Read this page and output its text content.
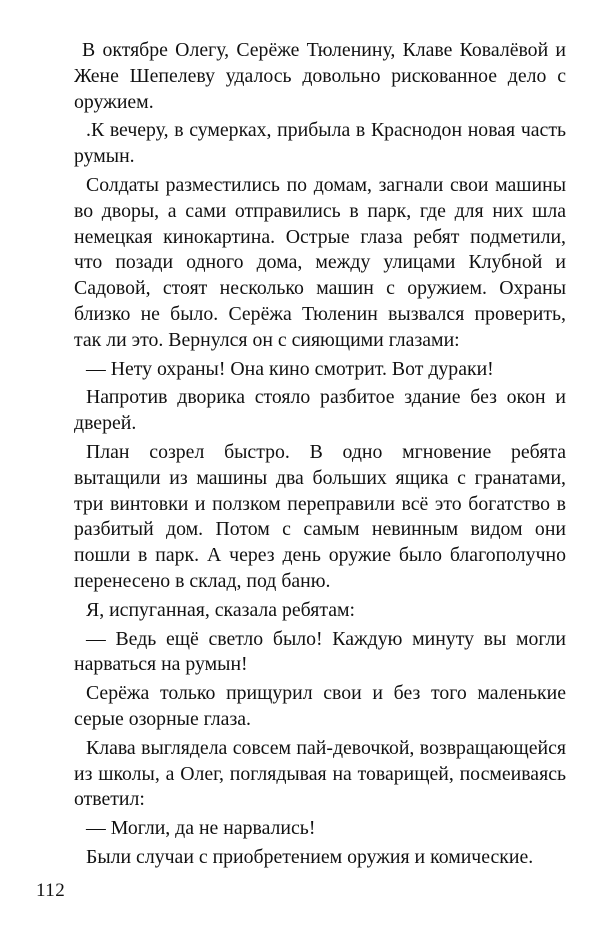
В октябре Олегу, Серёже Тюленину, Клаве Ковалёвой и Жене Шепелеву удалось довольно рискованное дело с оружием.

.К вечеру, в сумерках, прибыла в Краснодон новая часть румын.

Солдаты разместились по домам, загнали свои машины во дворы, а сами отправились в парк, где для них шла немецкая кинокартина. Острые глаза ребят подметили, что позади одного дома, между улицами Клубной и Садовой, стоят несколько машин с оружием. Охраны близко не было. Серёжа Тюленин вызвался проверить, так ли это. Вернулся он с сияющими глазами:

— Нету охраны! Она кино смотрит. Вот дураки!

Напротив дворика стояло разбитое здание без окон и дверей.

План созрел быстро. В одно мгновение ребята вытащили из машины два больших ящика с гранатами, три винтовки и ползком переправили всё это богатство в разбитый дом. Потом с самым невинным видом они пошли в парк. А через день оружие было благополучно перенесено в склад, под баню.

Я, испуганная, сказала ребятам:

— Ведь ещё светло было! Каждую минуту вы могли нарваться на румын!

Серёжа только прищурил свои и без того маленькие серые озорные глаза.

Клава выглядела совсем пай-девочкой, возвращающейся из школы, а Олег, поглядывая на товарищей, посмеиваясь ответил:

— Могли, да не нарвались!

Были случаи с приобретением оружия и комические.

112
